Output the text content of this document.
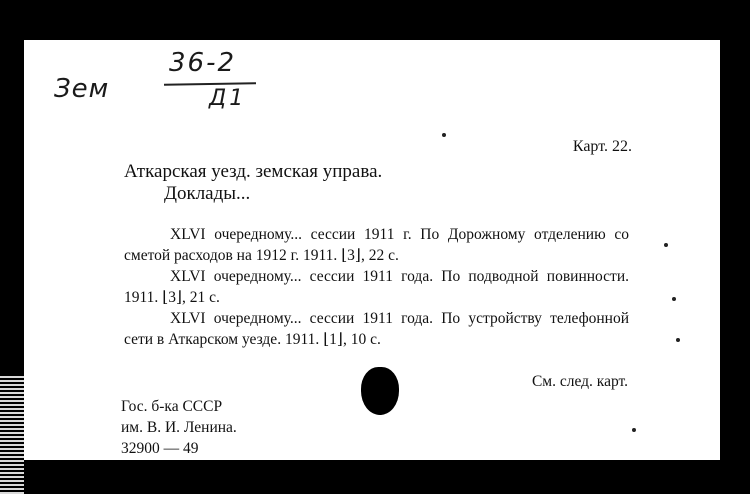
Зем
36-2
Д1
Карт. 22.
Аткарская уезд. земская управа.
Доклады...

XLVI очередному... сессии 1911 г. По Дорожному отделению со сметой расходов на 1912 г. 1911. ⌊3⌋, 22 с.

XLVI очередному... сессии 1911 года. По подводной повинности. 1911. ⌊3⌋, 21 с.

XLVI очередному... сессии 1911 года. По устройству телефонной сети в Аткарском уезде. 1911. ⌊1⌋, 10 с.

См. след. карт.
Гос. б-ка СССР
им. В. И. Ленина.
32900 — 49
